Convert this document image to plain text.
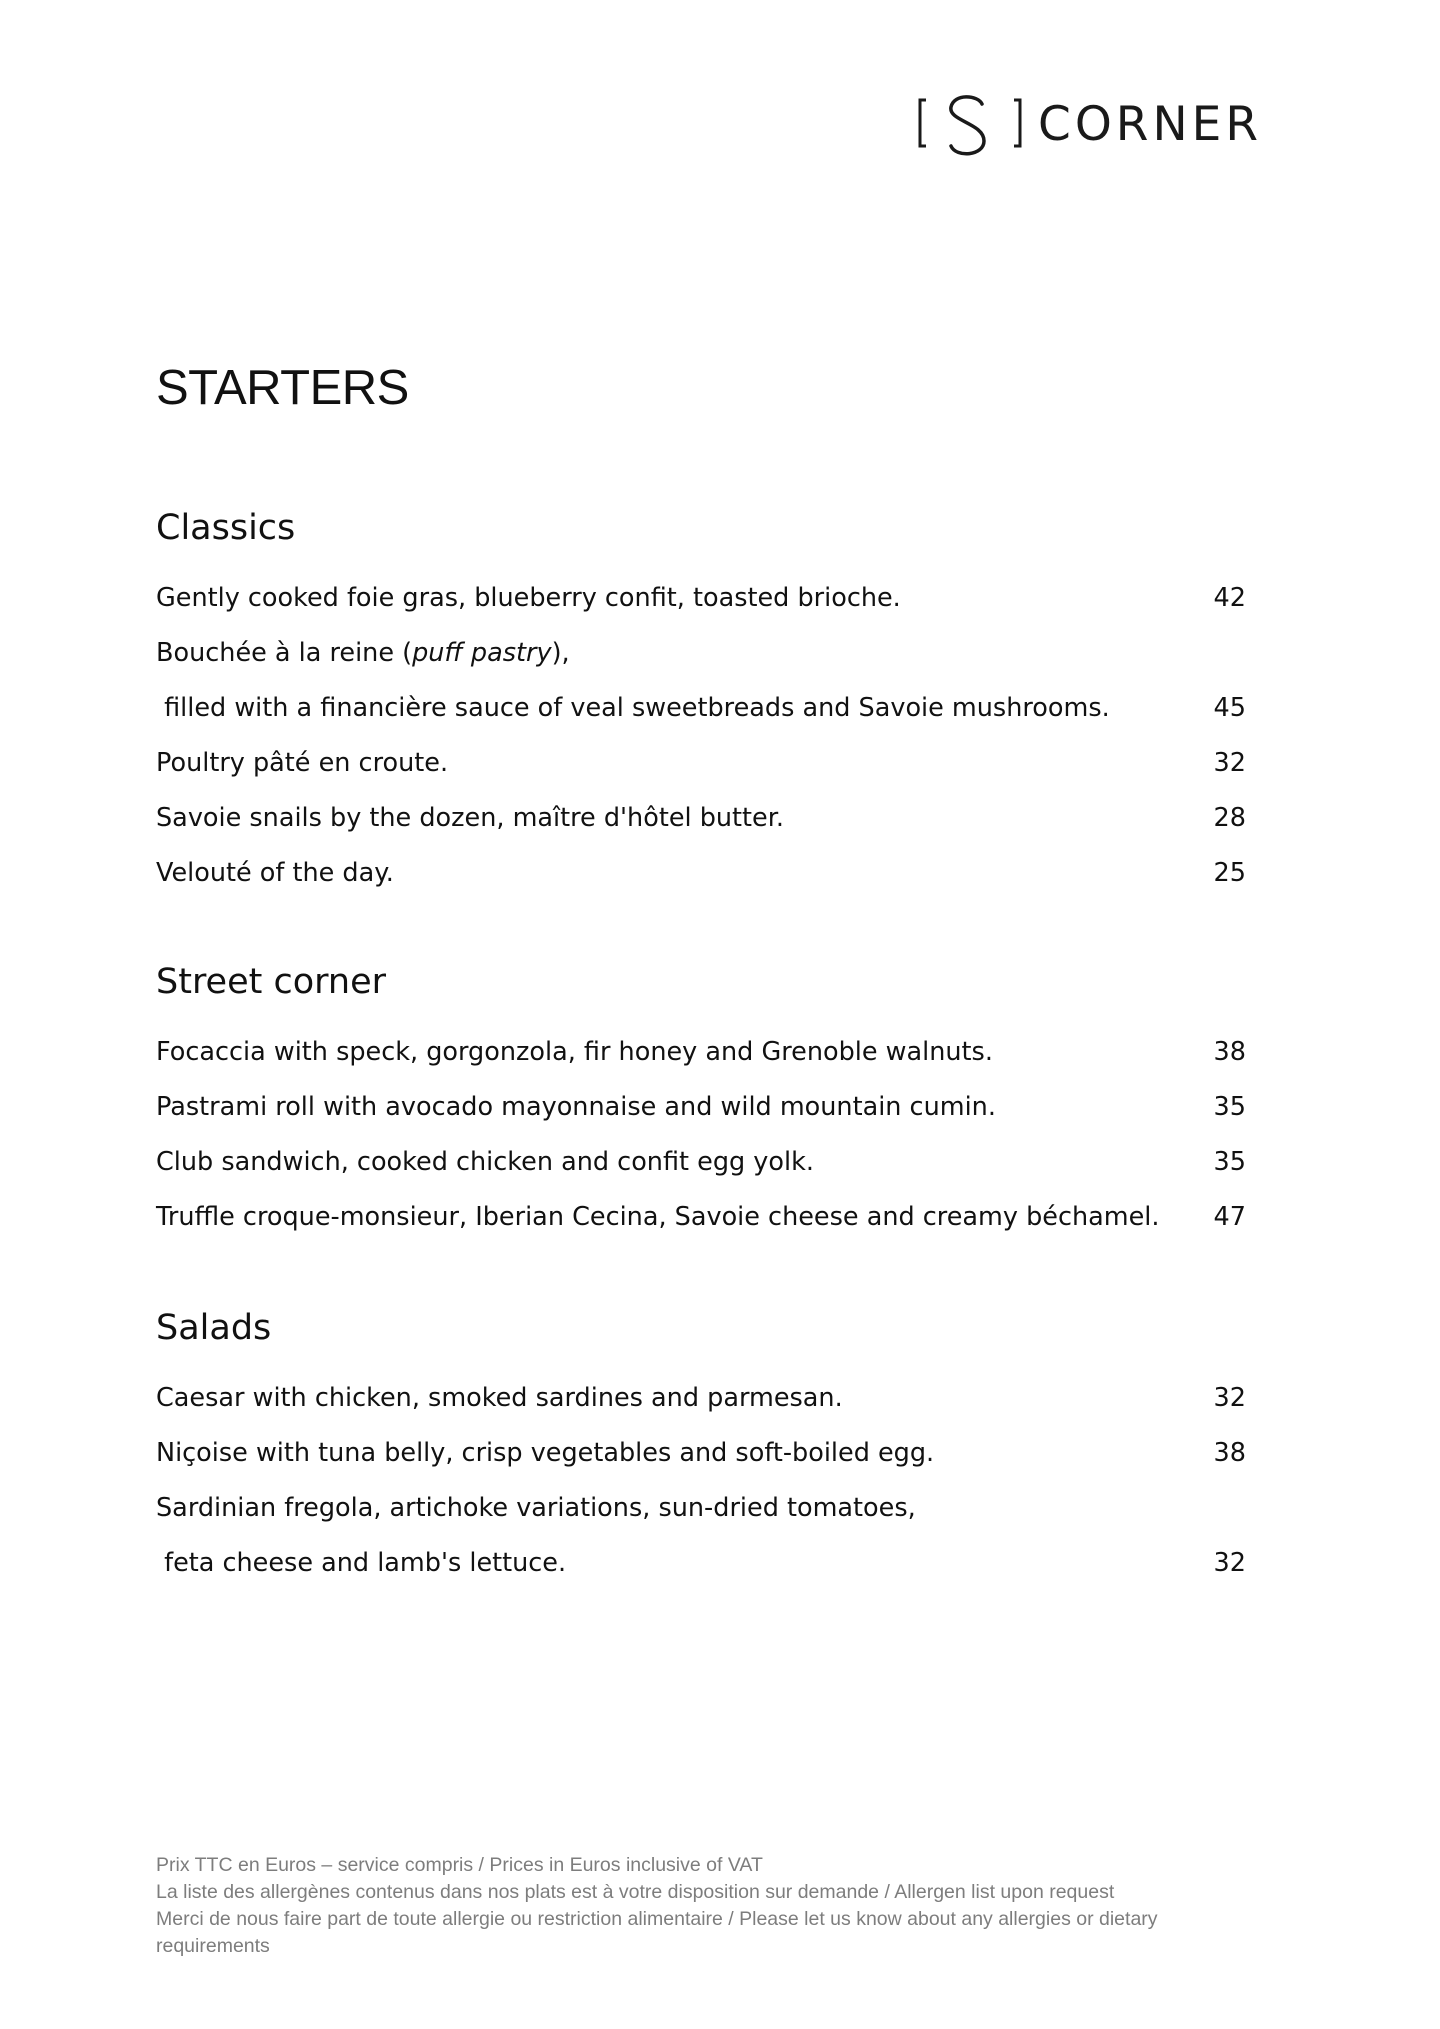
CORNER
STARTERS
Classics
Gently cooked foie gras, blueberry confit, toasted brioche.	42
Bouchée à la reine (puff pastry),
filled with a financière sauce of veal sweetbreads and Savoie mushrooms.	45
Poultry pâté en croute.	32
Savoie snails by the dozen, maître d'hôtel butter.	28
Velouté of the day.	25
Street corner
Focaccia with speck, gorgonzola, fir honey and Grenoble walnuts.	38
Pastrami roll with avocado mayonnaise and wild mountain cumin.	35
Club sandwich, cooked chicken and confit egg yolk.	35
Truffle croque-monsieur, Iberian Cecina, Savoie cheese and creamy béchamel.	47
Salads
Caesar with chicken, smoked sardines and parmesan.	32
Niçoise with tuna belly, crisp vegetables and soft-boiled egg.	38
Sardinian fregola, artichoke variations, sun-dried tomatoes,
feta cheese and lamb's lettuce.	32

Prix TTC en Euros – service compris / Prices in Euros inclusive of VAT

La liste des allergènes contenus dans nos plats est à votre disposition sur demande / Allergen list upon request

Merci de nous faire part de toute allergie ou restriction alimentaire / Please let us know about any allergies or dietary requirements
